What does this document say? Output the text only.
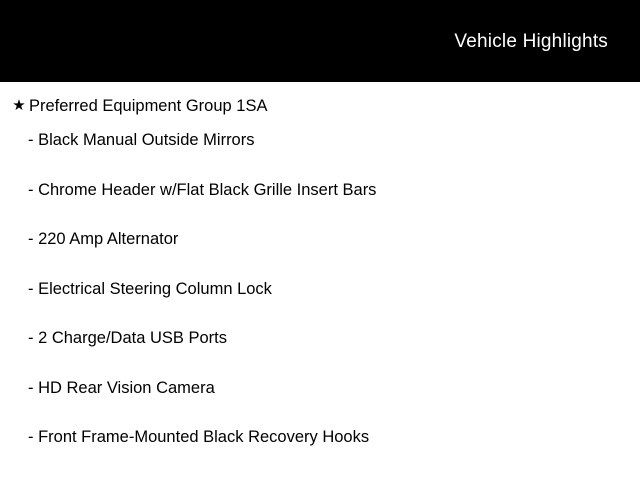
Vehicle Highlights
★ Preferred Equipment Group 1SA
- Black Manual Outside Mirrors
- Chrome Header w/Flat Black Grille Insert Bars
- 220 Amp Alternator
- Electrical Steering Column Lock
- 2 Charge/Data USB Ports
- HD Rear Vision Camera
- Front Frame-Mounted Black Recovery Hooks
